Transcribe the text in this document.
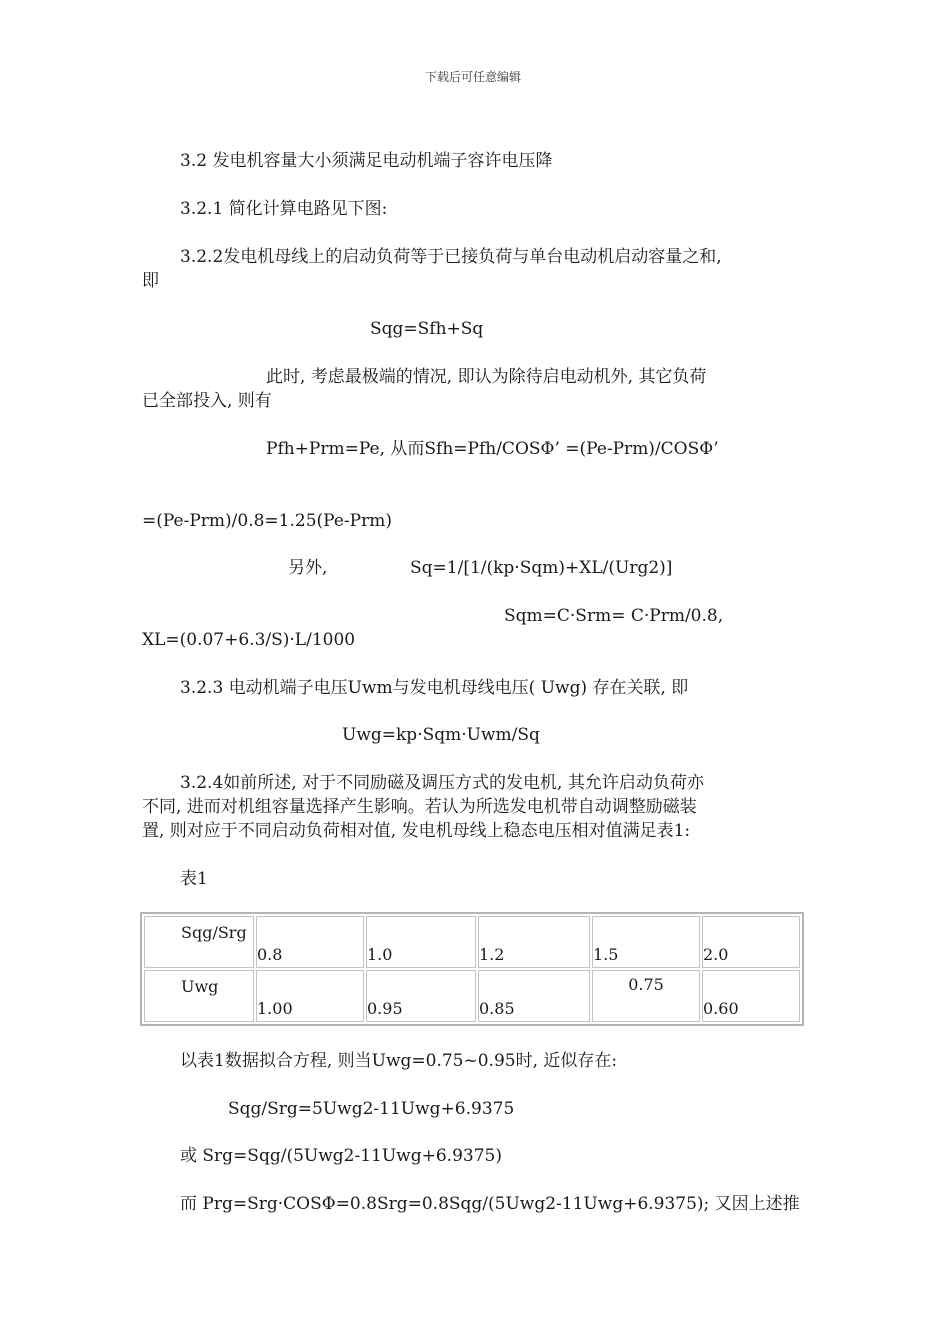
下载后可任意编辑
3.2 发电机容量大小须满足电动机端子容许电压降
3.2.1 简化计算电路见下图:
3.2.2发电机母线上的启动负荷等于已接负荷与单台电动机启动容量之和,
即
Sqg=Sfh+Sq
此时, 考虑最极端的情况, 即认为除待启电动机外, 其它负荷
已全部投入, 则有
Pfh+Prm=Pe, 从而Sfh=Pfh/COSΦ’ =(Pe-Prm)/COSΦ’
=(Pe-Prm)/0.8=1.25(Pe-Prm)
另外,	Sq=1/[1/(kp·Sqm)+XL/(Urg2)]
Sqm=C·Srm= C·Prm/0.8,
XL=(0.07+6.3/S)·L/1000
3.2.3 电动机端子电压Uwm与发电机母线电压( Uwg) 存在关联, 即
Uwg=kp·Sqm·Uwm/Sq
3.2.4如前所述, 对于不同励磁及调压方式的发电机, 其允许启动负荷亦
不同, 进而对机组容量选择产生影响。若认为所选发电机带自动调整励磁装
置, 则对应于不同启动负荷相对值, 发电机母线上稳态电压相对值满足表1:
表1
Sqg/Srg	0.8	1.0	1.2	1.5	2.0

Uwg	1.00	0.95	0.85	0.75	0.60
以表1数据拟合方程, 则当Uwg=0.75~0.95时, 近似存在:
Sqg/Srg=5Uwg2-11Uwg+6.9375
或 Srg=Sqg/(5Uwg2-11Uwg+6.9375)
而 Prg=Srg·COSΦ=0.8Srg=0.8Sqg/(5Uwg2-11Uwg+6.9375); 又因上述推
